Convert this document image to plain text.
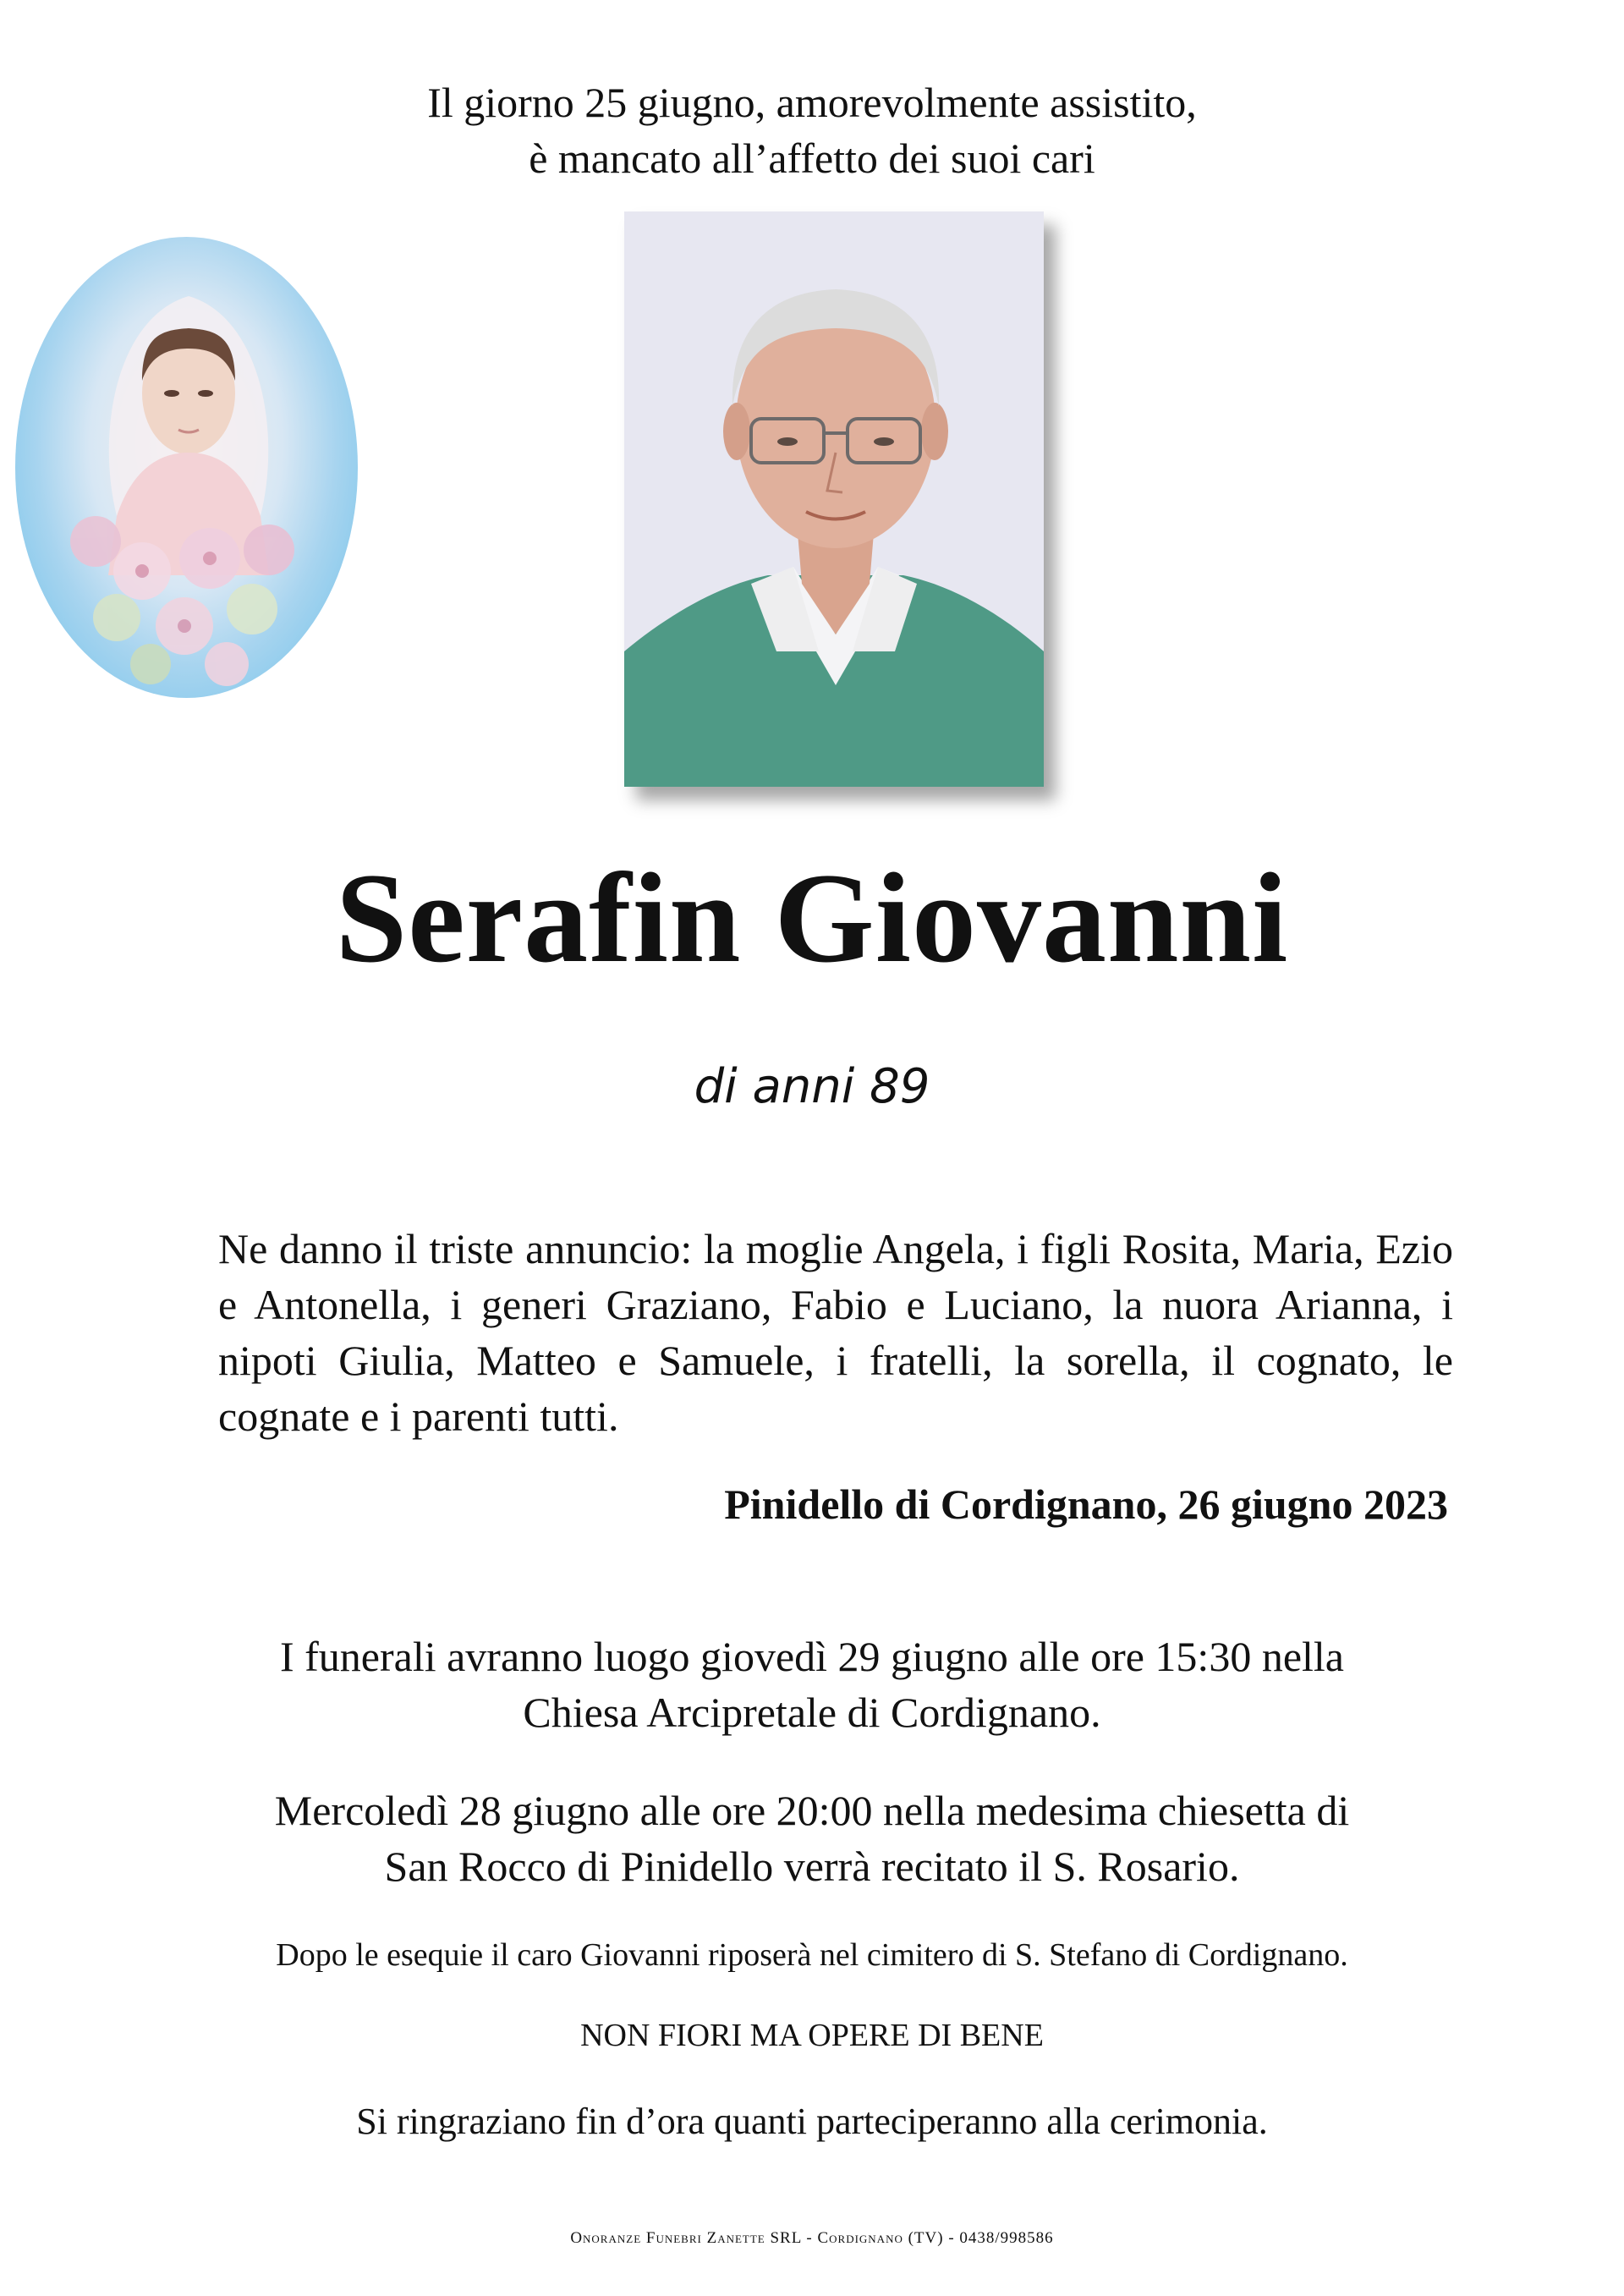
Il giorno 25 giugno, amorevolmente assistito,
è mancato all’affetto dei suoi cari
Serafin Giovanni
di anni 89
Ne danno il triste annuncio: la moglie Angela, i figli Rosita, Maria, Ezio e Antonella, i generi Graziano, Fabio e Luciano, la nuora Arianna, i nipoti Giulia, Matteo e Samuele, i fratelli, la sorella, il cognato, le cognate e i parenti tutti.
Pinidello di Cordignano, 26 giugno 2023
I funerali avranno luogo giovedì 29 giugno alle ore 15:30 nella
Chiesa Arcipretale di Cordignano.
Mercoledì 28 giugno alle ore 20:00 nella medesima chiesetta di
San Rocco di Pinidello verrà recitato il S. Rosario.
Dopo le esequie il caro Giovanni riposerà nel cimitero di S. Stefano di Cordignano.
NON FIORI MA OPERE DI BENE
Si ringraziano fin d’ora quanti parteciperanno alla cerimonia.
Onoranze Funebri Zanette SRL - Cordignano (TV) - 0438/998586
